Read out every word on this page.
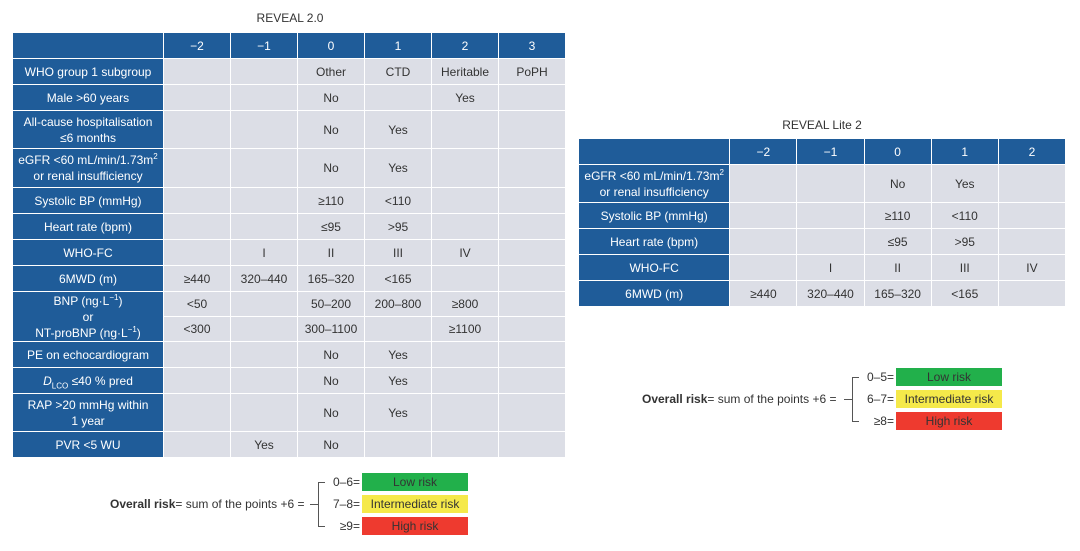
REVEAL 2.0
	−2	−1	0	1	2	3
WHO group 1 subgroup			Other	CTD	Heritable	PoPH
Male >60 years			No		Yes	

All-cause hospitalisation
≤6 months			No	Yes		

eGFR <60 $mL/\min/1.73m^2$
or renal insufficiency			No	Yes		
Systolic BP (mmHg)			≥110	<110		
Heart rate (bpm)			≤95	>95		
WHO-FC		I	II	III	IV	
6MWD (m)	≥440	320–440	165–320	<165		

BNP $(ng\cdot L^{-1})$
or
NT-proBNP $(ng\cdot L^{-1})$	<50		50–200	200–800	≥800	
	<300		300–1100		≥1100	
PE on echocardiogram			No	Yes		
$D_{LCO} \le 40$ % pred			No	Yes		

RAP >20 mmHg within
1 year			No	Yes		
PVR <5 WU		Yes	No			
Overall risk= sum of the points +6 =
0–6=	Low risk
7–8= Intermediate risk
≥9=	High risk
REVEAL Lite 2
	−2	−1	0	1	2

eGFR <60 $mL/\min/1.73m^2$
or renal insufficiency			No	Yes	
Systolic BP (mmHg)			≥110	<110	
Heart rate (bpm)			≤95	>95	
WHO-FC		I	II	III	IV
6MWD (m)	≥440	320–440	165–320	<165	
Overall risk= sum of the points +6 =
0–5=	Low risk
6–7= Intermediate risk
≥8=	High risk
